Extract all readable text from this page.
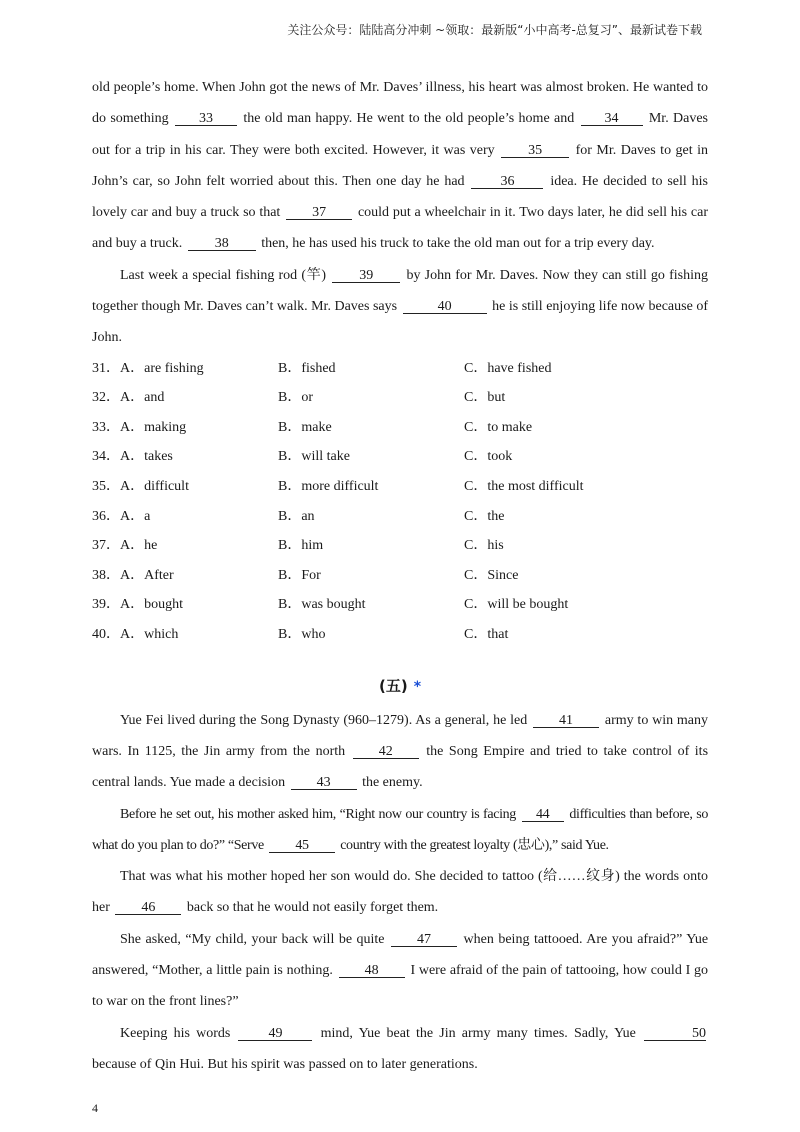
关注公众号：陆陆高分冲刺 ~领取：最新版“小中高考-总复习”、最新试卷下载

old people’s home. When John got the news of Mr. Daves’ illness, his heart was almost broken. He wanted to do something 33 the old man happy. He went to the old people’s home and 34 Mr. Daves out for a trip in his car. They were both excited. However, it was very 35 for Mr. Daves to get in John’s car, so John felt worried about this. Then one day he had	36	idea. He decided to sell his lovely car and buy a truck so that 37 could put a wheelchair in it. Two days later, he did sell his car and buy a truck. 38 then, he has used his truck to take the old man out for a trip every day.

Last week a special fishing rod (竿) 39 by John for Mr. Daves. Now they can still go fishing together though Mr. Daves can’t walk. Mr. Daves says	40	he is still enjoying life now because of John.

31．A．are fishing	B．fished	C．have fished
32．A．and	B．or	C．but
33．A．making	B．make	C．to make
34．A．takes	B．will take	C．took
35．A．difficult	B．more difficult	C．the most difficult
36．A．a	B．an	C．the
37．A．he	B．him	C．his
38．A．After	B．For	C．Since
39．A．bought	B．was bought	C．will be bought
40．A．which	B．who	C．that
(五) *

Yue Fei lived during the Song Dynasty (960–1279). As a general, he led 41 army to win many wars. In 1125, the Jin army from the north 42 the Song Empire and tried to take control of its central lands. Yue made a decision 43 the enemy.

Before he set out, his mother asked him, “Right now our country is facing 44 difficulties than before, so what do you plan to do?” “Serve 45 country with the greatest loyalty (忠心),” said Yue.

That was what his mother hoped her son would do. She decided to tattoo (给……纹身) the words onto her 46 back so that he would not easily forget them.

She asked, “My child, your back will be quite 47 when being tattooed. Are you afraid?” Yue answered, “Mother, a little pain is nothing. 48 I were afraid of the pain of tattooing, how could I go to war on the front lines?”

Keeping his words	49	mind, Yue beat the Jin army many times. Sadly, Yue	50 because of Qin Hui. But his spirit was passed on to later generations.

4
